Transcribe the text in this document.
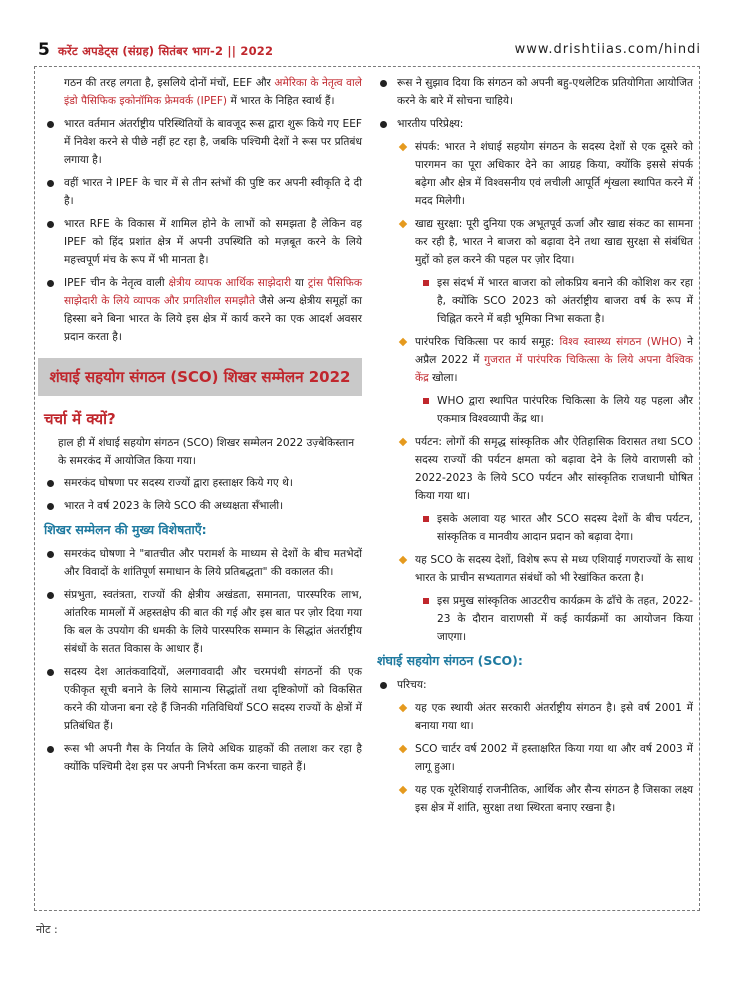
5 करेंट अपडेट्स (संग्रह) सितंबर भाग-2 || 2022	www.drishtiias.com/hindi

गठन की तरह लगता है, इसलिये दोनों मंचों, EEF और अमेरिका के नेतृत्व वाले इंडो पैसिफिक इकोनॉमिक फ्रेमवर्क (IPEF) में भारत के निहित स्वार्थ हैं।

भारत वर्तमान अंतर्राष्ट्रीय परिस्थितियों के बावजूद रूस द्वारा शुरू किये गए EEF में निवेश करने से पीछे नहीं हट रहा है, जबकि पश्चिमी देशों ने रूस पर प्रतिबंध लगाया है।

वहीं भारत ने IPEF के चार में से तीन स्तंभों की पुष्टि कर अपनी स्वीकृति दे दी है।

भारत RFE के विकास में शामिल होने के लाभों को समझता है लेकिन वह IPEF को हिंद प्रशांत क्षेत्र में अपनी उपस्थिति को मज़बूत करने के लिये महत्त्वपूर्ण मंच के रूप में भी मानता है।

IPEF चीन के नेतृत्व वाली क्षेत्रीय व्यापक आर्थिक साझेदारी या ट्रांस पैसिफिक साझेदारी के लिये व्यापक और प्रगतिशील समझौते जैसे अन्य क्षेत्रीय समूहों का हिस्सा बने बिना भारत के लिये इस क्षेत्र में कार्य करने का एक आदर्श अवसर प्रदान करता है।

शंघाई सहयोग संगठन (SCO) शिखर सम्मेलन 2022
चर्चा में क्यों?

हाल ही में शंघाई सहयोग संगठन (SCO) शिखर सम्मेलन 2022 उज़्बेकिस्तान के समरकंद में आयोजित किया गया।

समरकंद घोषणा पर सदस्य राज्यों द्वारा हस्ताक्षर किये गए थे।

भारत ने वर्ष 2023 के लिये SCO की अध्यक्षता सँभाली।

शिखर सम्मेलन की मुख्य विशेषताएँ:

समरकंद घोषणा ने "बातचीत और परामर्श के माध्यम से देशों के बीच मतभेदों और विवादों के शांतिपूर्ण समाधान के लिये प्रतिबद्धता" की वकालत की।

संप्रभुता, स्वतंत्रता, राज्यों की क्षेत्रीय अखंडता, समानता, पारस्परिक लाभ, आंतरिक मामलों में अहस्तक्षेप की बात की गई और इस बात पर ज़ोर दिया गया कि बल के उपयोग की धमकी के लिये पारस्परिक सम्मान के सिद्धांत अंतर्राष्ट्रीय संबंधों के सतत विकास के आधार हैं।

सदस्य देश आतंकवादियों, अलगाववादी और चरमपंथी संगठनों की एक एकीकृत सूची बनाने के लिये सामान्य सिद्धांतों तथा दृष्टिकोणों को विकसित करने की योजना बना रहे हैं जिनकी गतिविधियाँ SCO सदस्य राज्यों के क्षेत्रों में प्रतिबंधित हैं।

रूस भी अपनी गैस के निर्यात के लिये अधिक ग्राहकों की तलाश कर रहा है क्योंकि पश्चिमी देश इस पर अपनी निर्भरता कम करना चाहते हैं।

रूस ने सुझाव दिया कि संगठन को अपनी बहु-एथलेटिक प्रतियोगिता आयोजित करने के बारे में सोचना चाहिये।

भारतीय परिप्रेक्ष्य:

संपर्क: भारत ने शंघाई सहयोग संगठन के सदस्य देशों से एक दूसरे को पारगमन का पूरा अधिकार देने का आग्रह किया, क्योंकि इससे संपर्क बढ़ेगा और क्षेत्र में विश्वसनीय एवं लचीली आपूर्ति शृंखला स्थापित करने में मदद मिलेगी।

खाद्य सुरक्षा: पूरी दुनिया एक अभूतपूर्व ऊर्जा और खाद्य संकट का सामना कर रही है, भारत ने बाजरा को बढ़ावा देने तथा खाद्य सुरक्षा से संबंधित मुद्दों को हल करने की पहल पर ज़ोर दिया।

इस संदर्भ में भारत बाजरा को लोकप्रिय बनाने की कोशिश कर रहा है, क्योंकि SCO 2023 को अंतर्राष्ट्रीय बाजरा वर्ष के रूप में चिह्नित करने में बड़ी भूमिका निभा सकता है।

पारंपरिक चिकित्सा पर कार्य समूह: विश्व स्वास्थ्य संगठन (WHO) ने अप्रैल 2022 में गुजरात में पारंपरिक चिकित्सा के लिये अपना वैश्विक केंद्र खोला।

WHO द्वारा स्थापित पारंपरिक चिकित्सा के लिये यह पहला और एकमात्र विश्वव्यापी केंद्र था।

पर्यटन: लोगों की समृद्ध सांस्कृतिक और ऐतिहासिक विरासत तथा SCO सदस्य राज्यों की पर्यटन क्षमता को बढ़ावा देने के लिये वाराणसी को 2022-2023 के लिये SCO पर्यटन और सांस्कृतिक राजधानी घोषित किया गया था।

इसके अलावा यह भारत और SCO सदस्य देशों के बीच पर्यटन, सांस्कृतिक व मानवीय आदान प्रदान को बढ़ावा देगा।

यह SCO के सदस्य देशों, विशेष रूप से मध्य एशियाई गणराज्यों के साथ भारत के प्राचीन सभ्यतागत संबंधों को भी रेखांकित करता है।

इस प्रमुख सांस्कृतिक आउटरीच कार्यक्रम के ढाँचे के तहत, 2022-23 के दौरान वाराणसी में कई कार्यक्रमों का आयोजन किया जाएगा।

शंघाई सहयोग संगठन (SCO):

परिचय:

यह एक स्थायी अंतर सरकारी अंतर्राष्ट्रीय संगठन है। इसे वर्ष 2001 में बनाया गया था।

SCO चार्टर वर्ष 2002 में हस्ताक्षरित किया गया था और वर्ष 2003 में लागू हुआ।

यह एक यूरेशियाई राजनीतिक, आर्थिक और सैन्य संगठन है जिसका लक्ष्य इस क्षेत्र में शांति, सुरक्षा तथा स्थिरता बनाए रखना है।

नोट :
